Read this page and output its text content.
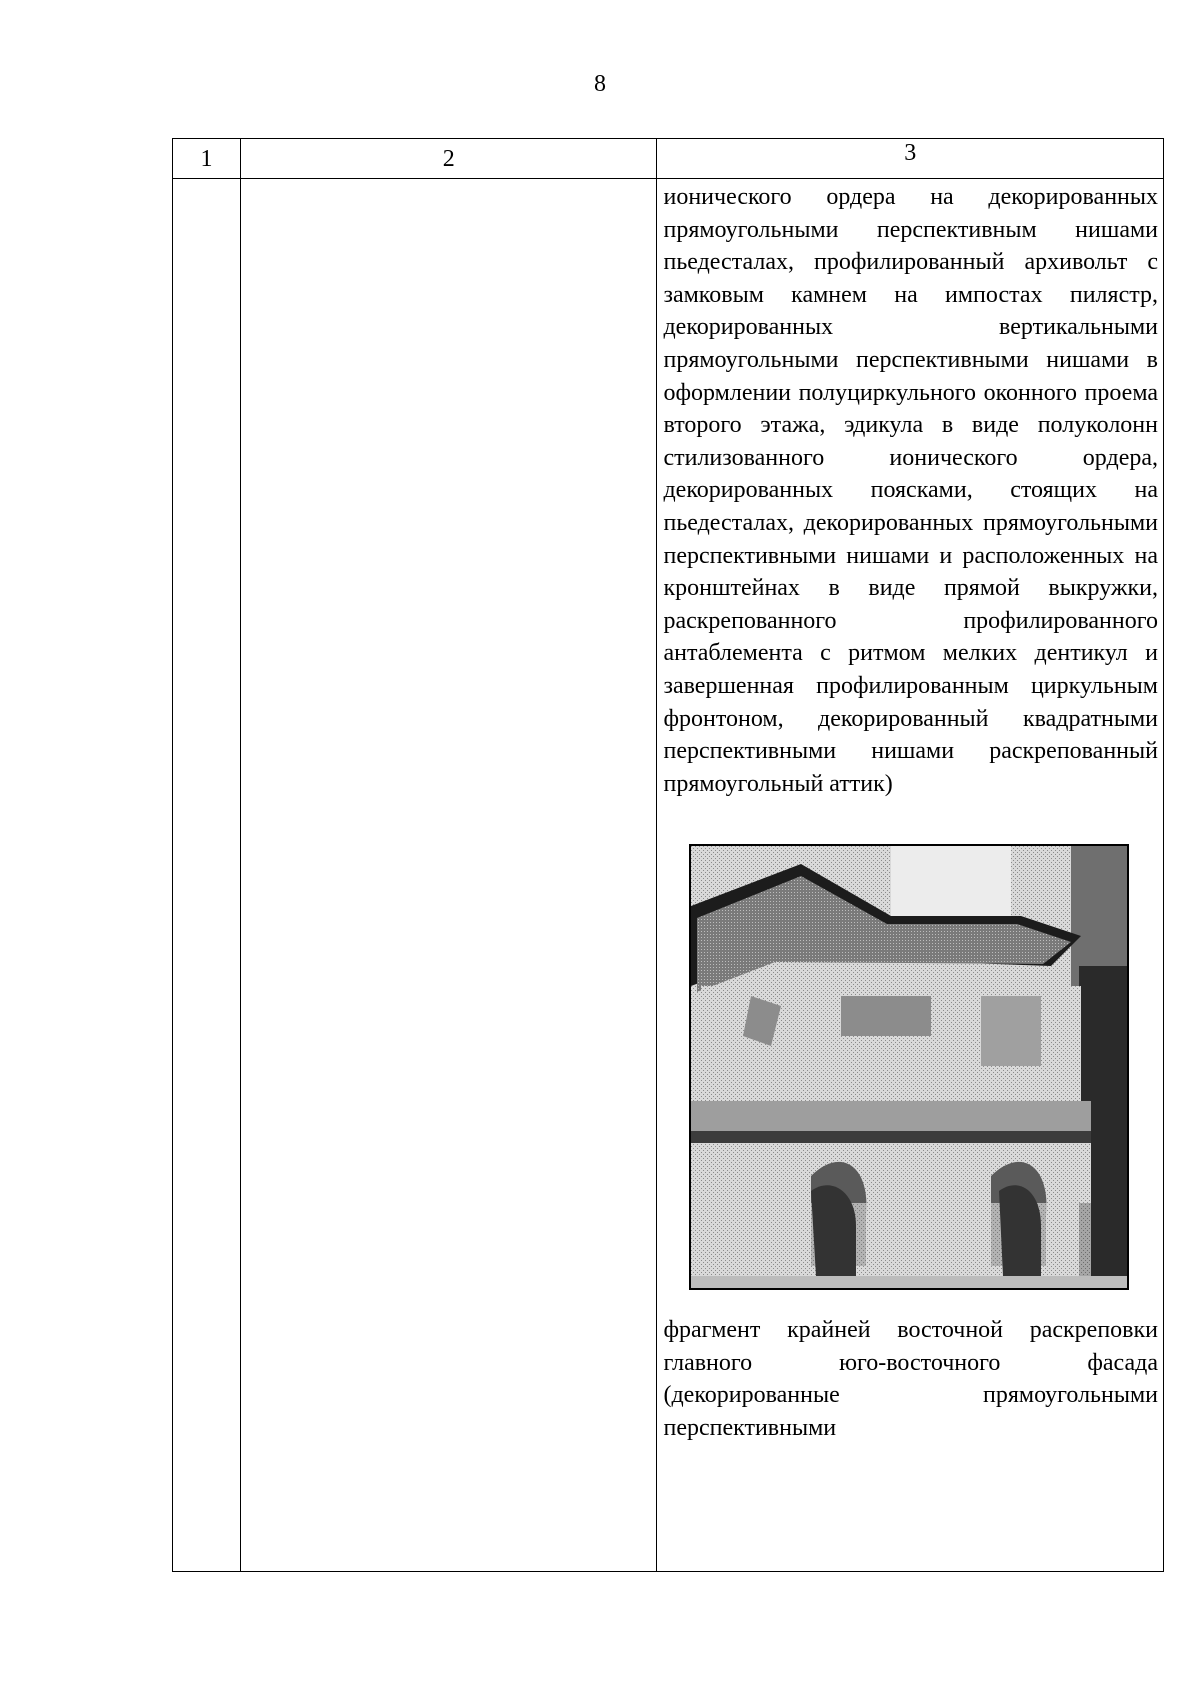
8
1	2	3

		ионического ордера на декорированных прямоугольными перспективным нишами пьедесталах, профилированный архивольт с замковым камнем на импостах пилястр, декорированных вертикальными прямоугольными перспективными нишами в оформлении полуциркульного оконного проема второго этажа, эдикула в виде полуколонн стилизованного ионического ордера, декорированных поясками, стоящих на пьедесталах, декорированных прямоугольными перспективными нишами и расположенных на кронштейнах в виде прямой выкружки, раскрепованного профилированного антаблемента с ритмом мелких дентикул и завершенная профилированным циркульным фронтоном, декорированный квадратными перспективными нишами раскрепованный прямоугольный аттик)

фрагмент крайней восточной раскреповки главного юго-восточного фасада (декорированные прямоугольными перспективными
